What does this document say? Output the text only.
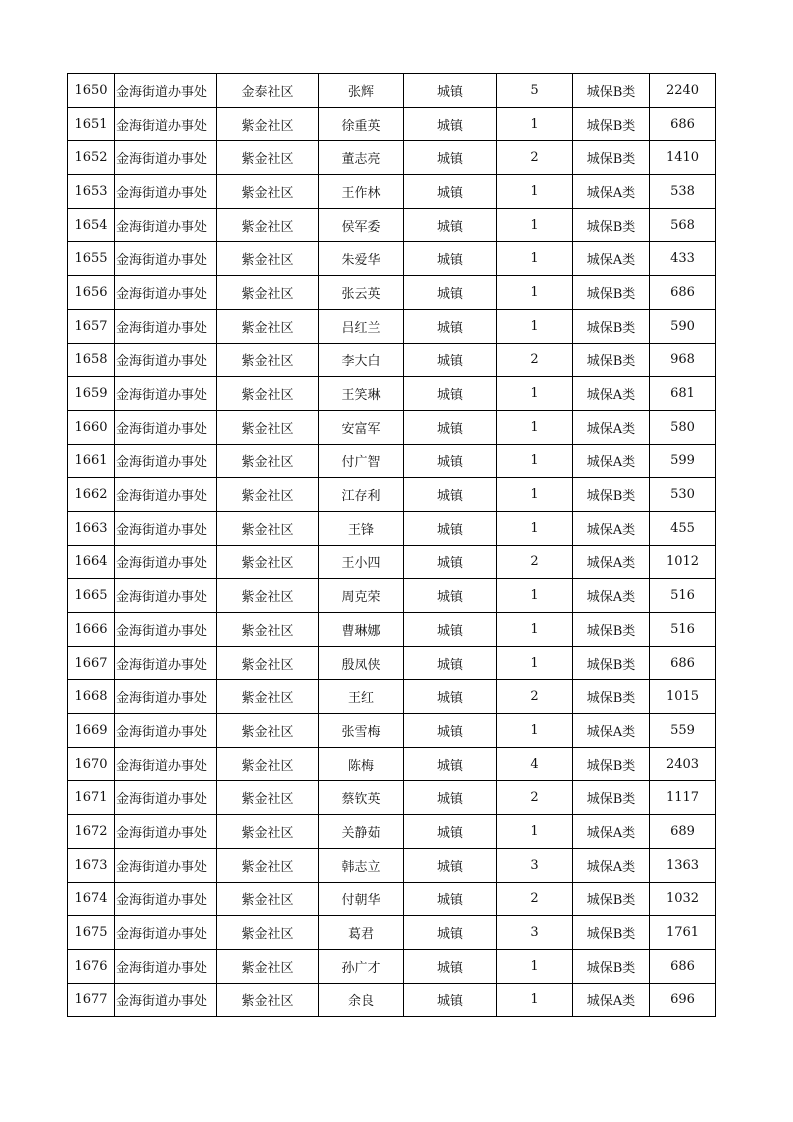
1650	金海街道办事处	金泰社区	张辉	城镇	5	城保B类	2240
1651	金海街道办事处	紫金社区	徐重英	城镇	1	城保B类	686
1652	金海街道办事处	紫金社区	董志亮	城镇	2	城保B类	1410
1653	金海街道办事处	紫金社区	王作林	城镇	1	城保A类	538
1654	金海街道办事处	紫金社区	侯军委	城镇	1	城保B类	568
1655	金海街道办事处	紫金社区	朱爱华	城镇	1	城保A类	433
1656	金海街道办事处	紫金社区	张云英	城镇	1	城保B类	686
1657	金海街道办事处	紫金社区	吕红兰	城镇	1	城保B类	590
1658	金海街道办事处	紫金社区	李大白	城镇	2	城保B类	968
1659	金海街道办事处	紫金社区	王笑琳	城镇	1	城保A类	681
1660	金海街道办事处	紫金社区	安富军	城镇	1	城保A类	580
1661	金海街道办事处	紫金社区	付广智	城镇	1	城保A类	599
1662	金海街道办事处	紫金社区	江存利	城镇	1	城保B类	530
1663	金海街道办事处	紫金社区	王锋	城镇	1	城保A类	455
1664	金海街道办事处	紫金社区	王小四	城镇	2	城保A类	1012
1665	金海街道办事处	紫金社区	周克荣	城镇	1	城保A类	516
1666	金海街道办事处	紫金社区	曹琳娜	城镇	1	城保B类	516
1667	金海街道办事处	紫金社区	殷凤侠	城镇	1	城保B类	686
1668	金海街道办事处	紫金社区	王红	城镇	2	城保B类	1015
1669	金海街道办事处	紫金社区	张雪梅	城镇	1	城保A类	559
1670	金海街道办事处	紫金社区	陈梅	城镇	4	城保B类	2403
1671	金海街道办事处	紫金社区	蔡钦英	城镇	2	城保B类	1117
1672	金海街道办事处	紫金社区	关静茹	城镇	1	城保A类	689
1673	金海街道办事处	紫金社区	韩志立	城镇	3	城保A类	1363
1674	金海街道办事处	紫金社区	付朝华	城镇	2	城保B类	1032
1675	金海街道办事处	紫金社区	葛君	城镇	3	城保B类	1761
1676	金海街道办事处	紫金社区	孙广才	城镇	1	城保B类	686
1677	金海街道办事处	紫金社区	余良	城镇	1	城保A类	696
